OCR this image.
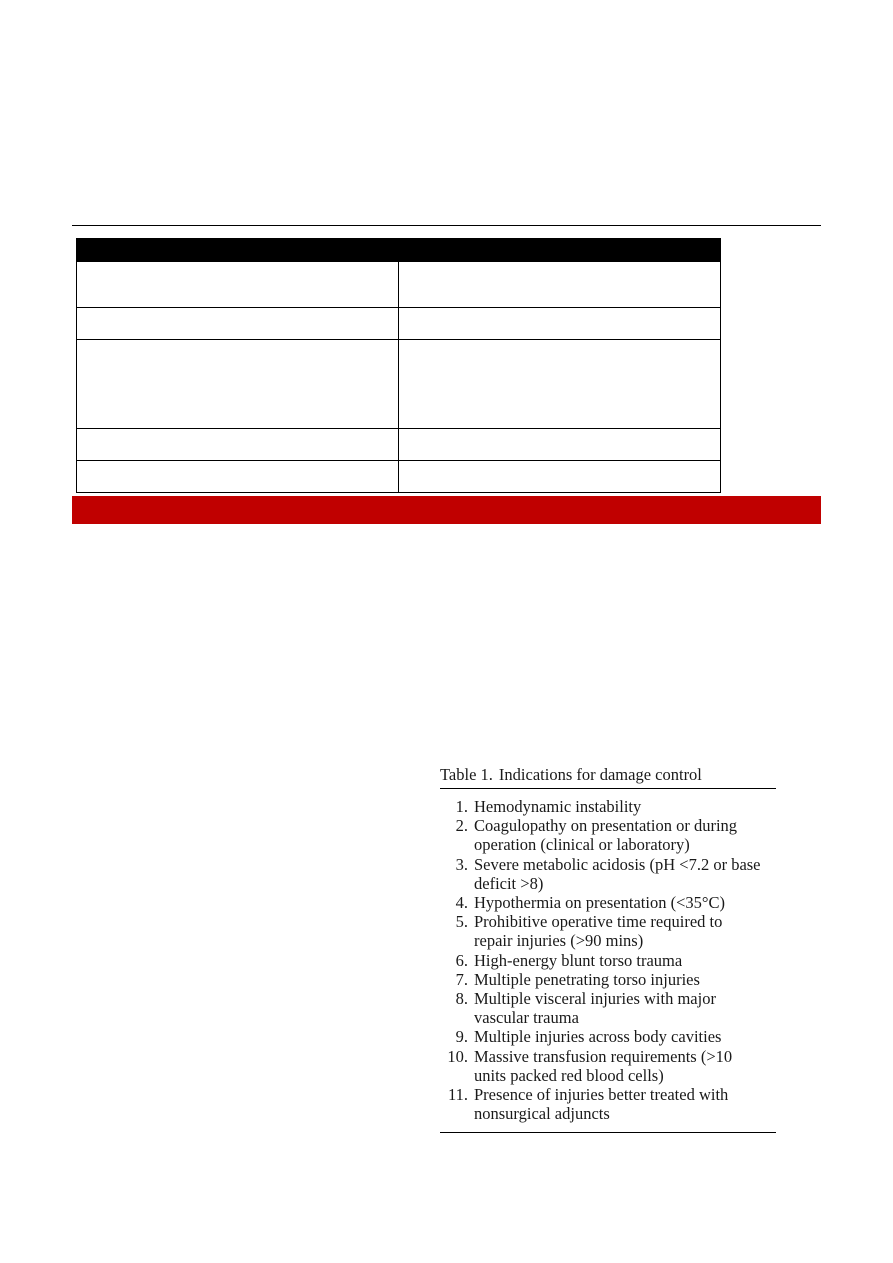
Table 1. Indications for damage control
1. Hemodynamic instability
2. Coagulopathy on presentation or during
operation (clinical or laboratory)
3. Severe metabolic acidosis (pH <7.2 or base
deficit >8)
4. Hypothermia on presentation (<35°C)
5. Prohibitive operative time required to
repair injuries (>90 mins)
6. High-energy blunt torso trauma
7. Multiple penetrating torso injuries
8. Multiple visceral injuries with major
vascular trauma
9. Multiple injuries across body cavities
10. Massive transfusion requirements (>10
units packed red blood cells)
11. Presence of injuries better treated with
nonsurgical adjuncts
